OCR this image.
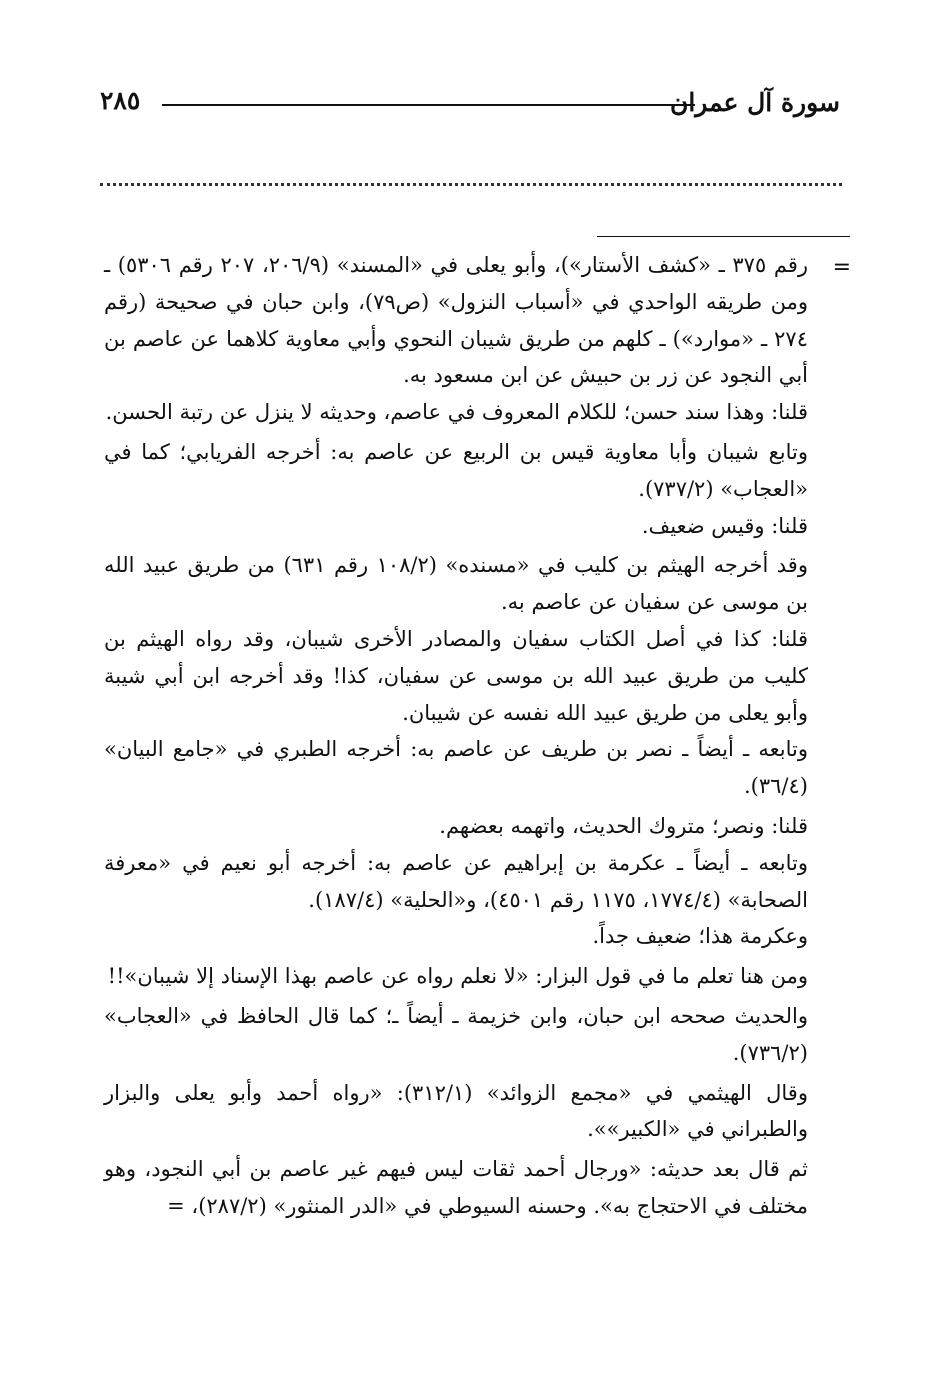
سورة آل عمران
٢٨٥
=

رقم ٣٧٥ ـ «كشف الأستار»)، وأبو يعلى في «المسند» (٢٠٦/٩، ٢٠٧ رقم ٥٣٠٦) ـ ومن طريقه الواحدي في «أسباب النزول» (ص٧٩)، وابن حبان في صحيحة (رقم ٢٧٤ ـ «موارد») ـ كلهم من طريق شيبان النحوي وأبي معاوية كلاهما عن عاصم بن أبي النجود عن زر بن حبيش عن ابن مسعود به.

قلنا: وهذا سند حسن؛ للكلام المعروف في عاصم، وحديثه لا ينزل عن رتبة الحسن.

وتابع شيبان وأبا معاوية قيس بن الربيع عن عاصم به: أخرجه الفريابي؛ كما في «العجاب» (٧٣٧/٢).

قلنا: وقيس ضعيف.

وقد أخرجه الهيثم بن كليب في «مسنده» (١٠٨/٢ رقم ٦٣١) من طريق عبيد الله بن موسى عن سفيان عن عاصم به.

قلنا: كذا في أصل الكتاب سفيان والمصادر الأخرى شيبان، وقد رواه الهيثم بن كليب من طريق عبيد الله بن موسى عن سفيان، كذا! وقد أخرجه ابن أبي شيبة وأبو يعلى من طريق عبيد الله نفسه عن شيبان.

وتابعه ـ أيضاً ـ نصر بن طريف عن عاصم به: أخرجه الطبري في «جامع البيان» (٣٦/٤).

قلنا: ونصر؛ متروك الحديث، واتهمه بعضهم.

وتابعه ـ أيضاً ـ عكرمة بن إبراهيم عن عاصم به: أخرجه أبو نعيم في «معرفة الصحابة» (١٧٧٤/٤، ١١٧٥ رقم ٤٥٠١)، و«الحلية» (١٨٧/٤).

وعكرمة هذا؛ ضعيف جداً.

ومن هنا تعلم ما في قول البزار: «لا نعلم رواه عن عاصم بهذا الإسناد إلا شيبان»!!

والحديث صححه ابن حبان، وابن خزيمة ـ أيضاً ـ؛ كما قال الحافظ في «العجاب» (٧٣٦/٢).

وقال الهيثمي في «مجمع الزوائد» (٣١٢/١): «رواه أحمد وأبو يعلى والبزار والطبراني في «الكبير»».

ثم قال بعد حديثه: «ورجال أحمد ثقات ليس فيهم غير عاصم بن أبي النجود، وهو مختلف في الاحتجاج به». وحسنه السيوطي في «الدر المنثور» (٢٨٧/٢)، =
